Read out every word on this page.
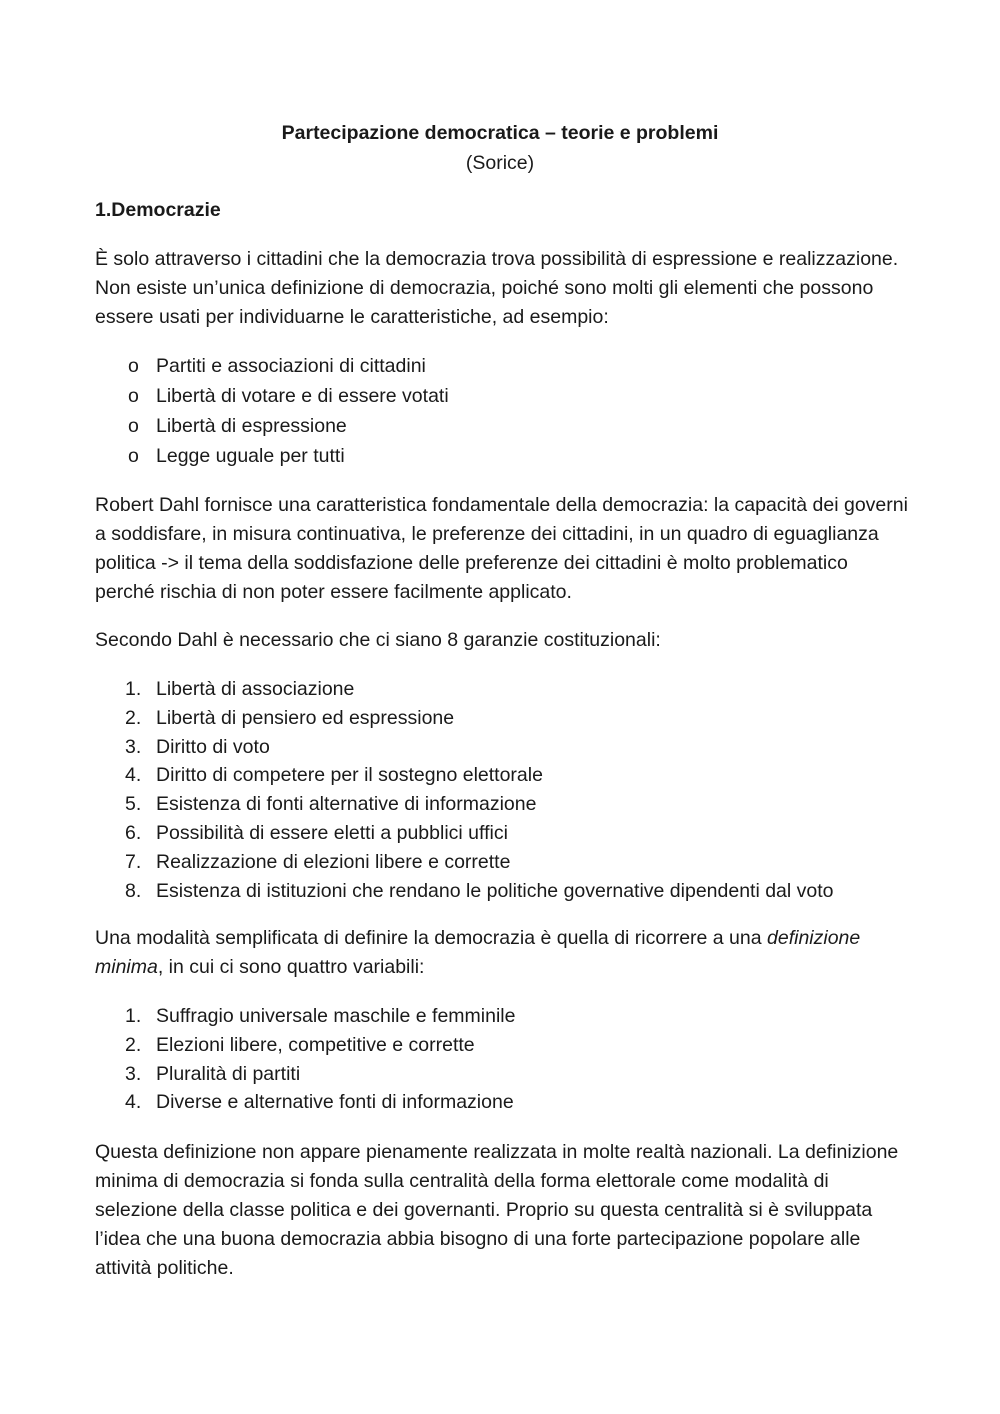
Partecipazione democratica – teorie e problemi
(Sorice)

1.Democrazie

È solo attraverso i cittadini che la democrazia trova possibilità di espressione e realizzazione. Non esiste un’unica definizione di democrazia, poiché sono molti gli elementi che possono essere usati per individuarne le caratteristiche, ad esempio:

o Partiti e associazioni di cittadini
o Libertà di votare e di essere votati
o Libertà di espressione
o Legge uguale per tutti

Robert Dahl fornisce una caratteristica fondamentale della democrazia: la capacità dei governi a soddisfare, in misura continuativa, le preferenze dei cittadini, in un quadro di eguaglianza politica -> il tema della soddisfazione delle preferenze dei cittadini è molto problematico perché rischia di non poter essere facilmente applicato.

Secondo Dahl è necessario che ci siano 8 garanzie costituzionali:

1. Libertà di associazione
2. Libertà di pensiero ed espressione
3. Diritto di voto
4. Diritto di competere per il sostegno elettorale
5. Esistenza di fonti alternative di informazione
6. Possibilità di essere eletti a pubblici uffici
7. Realizzazione di elezioni libere e corrette
8. Esistenza di istituzioni che rendano le politiche governative dipendenti dal voto

Una modalità semplificata di definire la democrazia è quella di ricorrere a una definizione minima, in cui ci sono quattro variabili:

1. Suffragio universale maschile e femminile
2. Elezioni libere, competitive e corrette
3. Pluralità di partiti
4. Diverse e alternative fonti di informazione

Questa definizione non appare pienamente realizzata in molte realtà nazionali. La definizione minima di democrazia si fonda sulla centralità della forma elettorale come modalità di selezione della classe politica e dei governanti. Proprio su questa centralità si è sviluppata l’idea che una buona democrazia abbia bisogno di una forte partecipazione popolare alle attività politiche.
